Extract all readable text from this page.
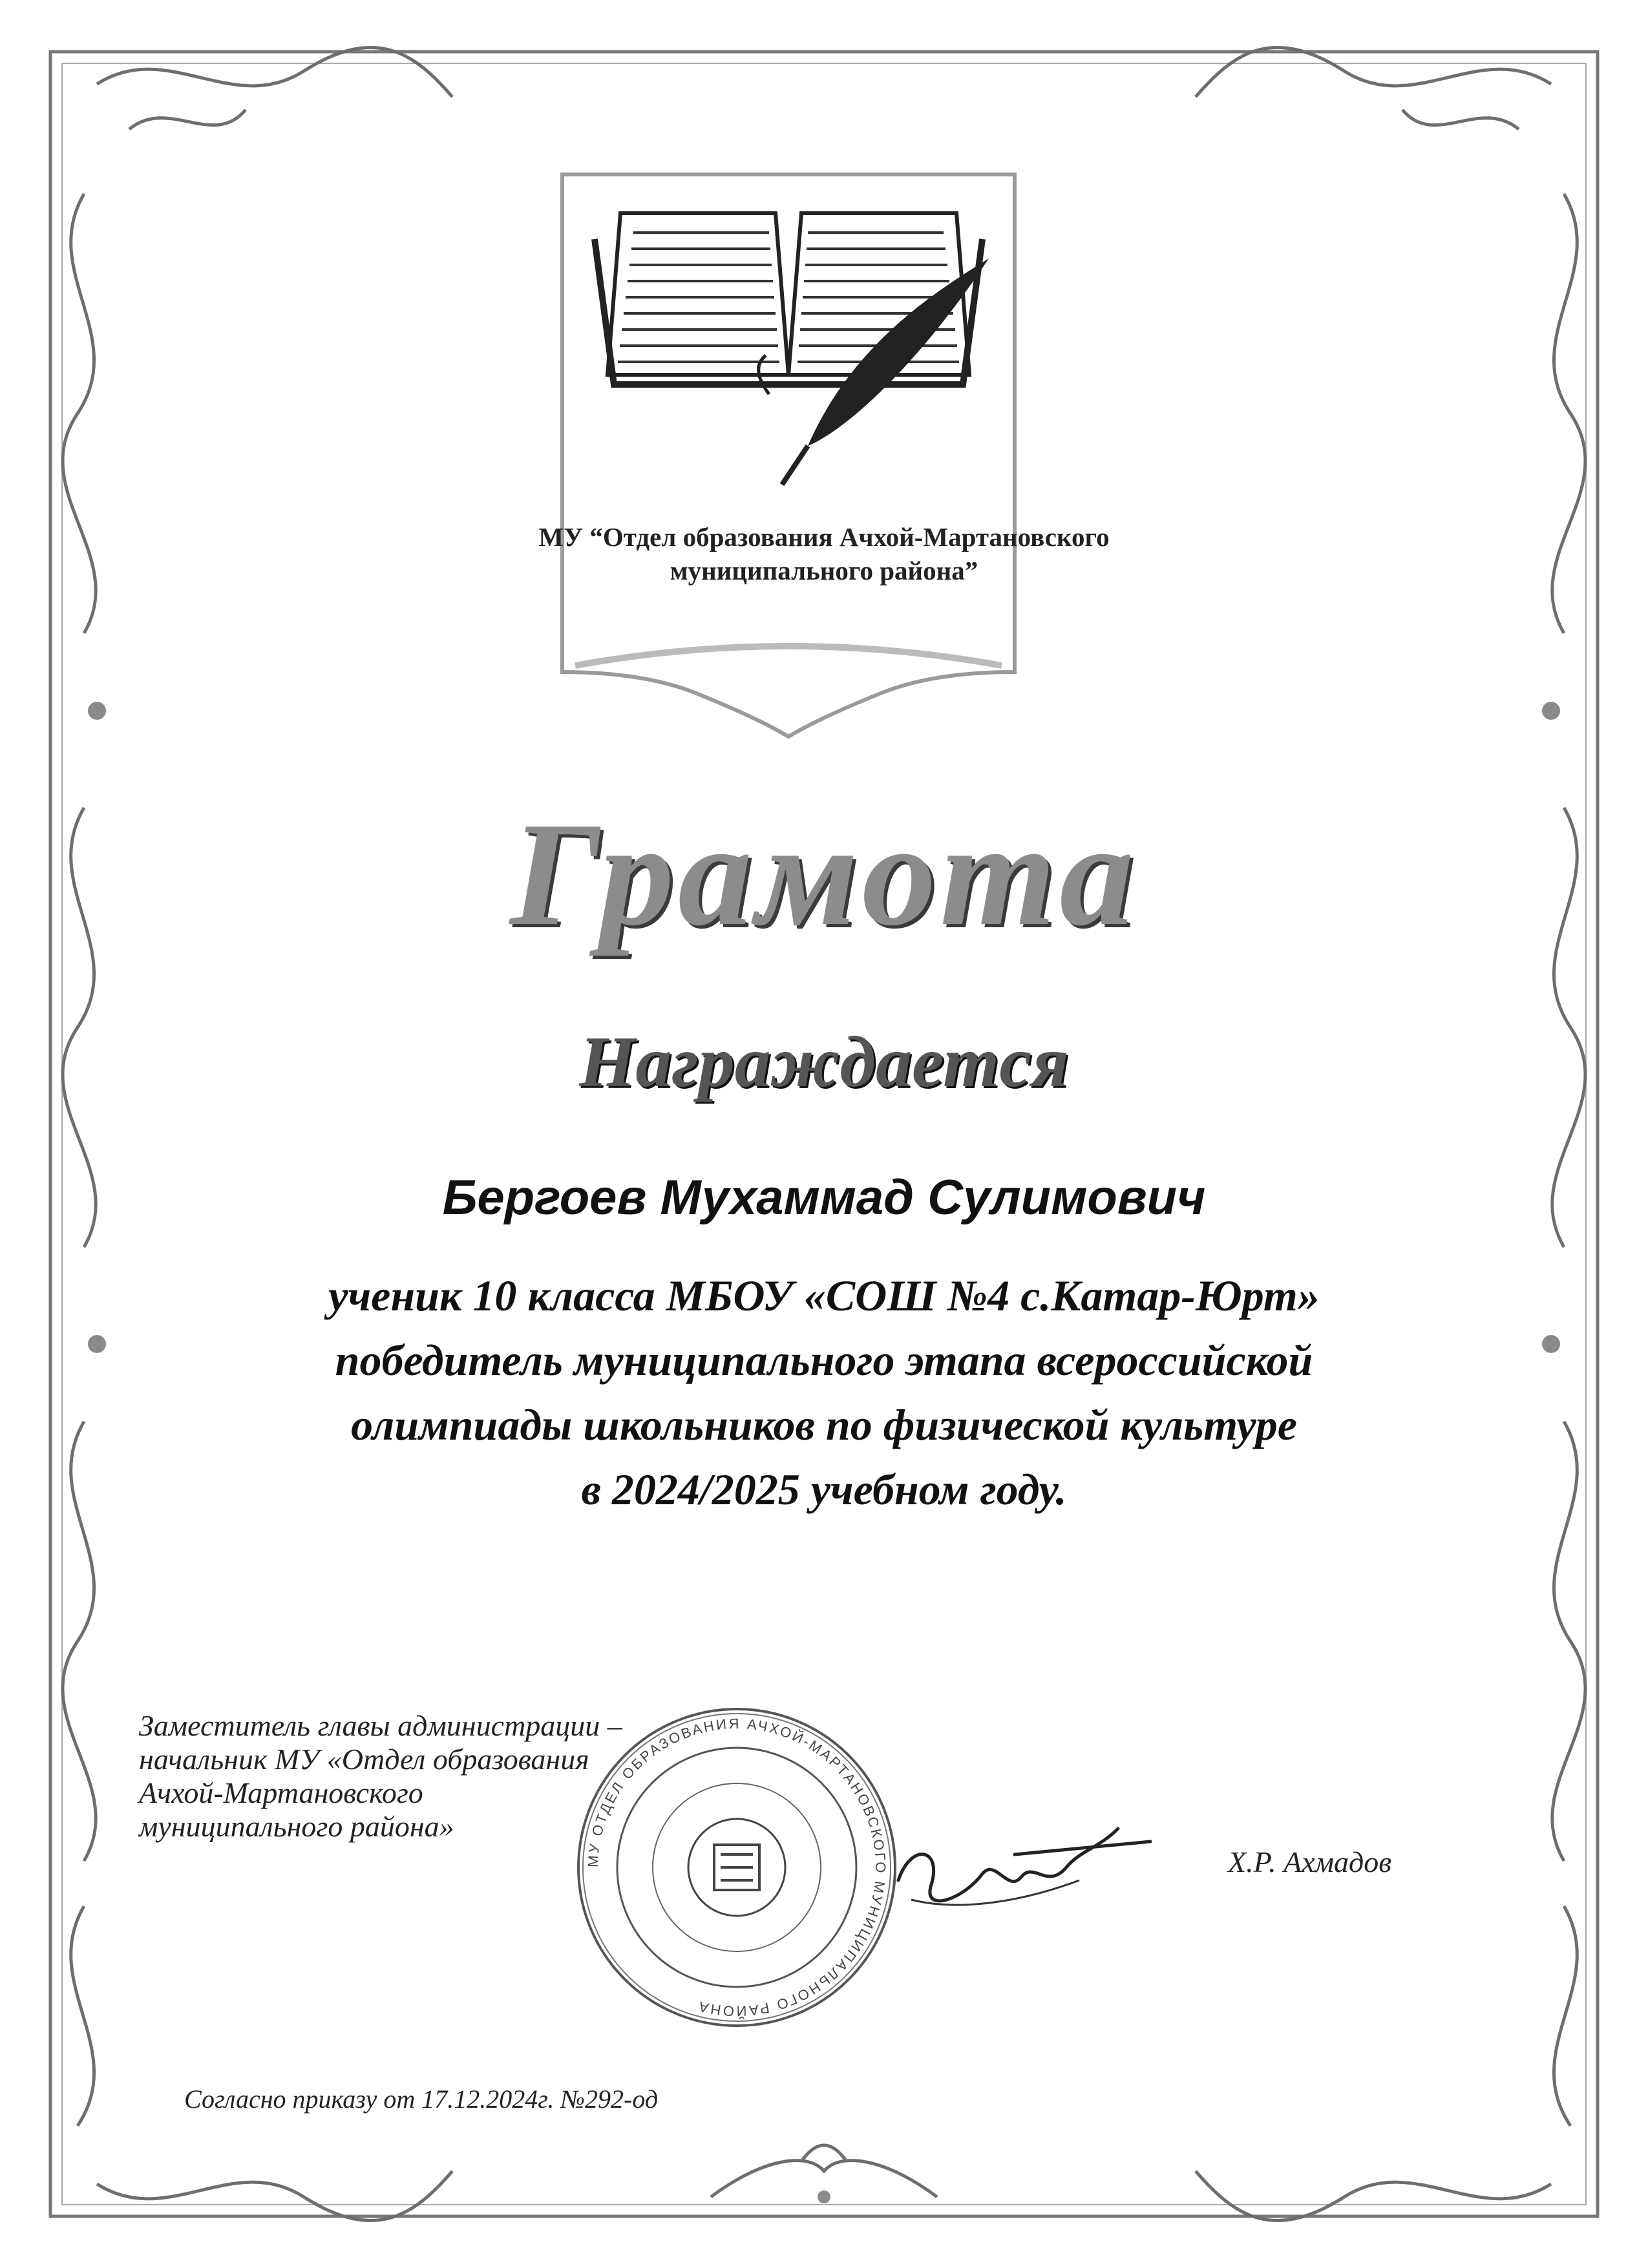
МУ “Отдел образования Ачхой-Мартановского
муниципального района”
Грамота
Награждается
Бергоев Мухаммад Сулимович
ученик 10 класса МБОУ «СОШ №4 с.Катар-Юрт»
победитель муниципального этапа всероссийской
олимпиады школьников по физической культуре
в 2024/2025 учебном году.
Заместитель главы администрации –
начальник МУ «Отдел образования
Ачхой-Мартановского
муниципального района»
МУ ОТДЕЛ ОБРАЗОВАНИЯ АЧХОЙ-МАРТАНОВСКОГО МУНИЦИПАЛЬНОГО РАЙОНА
Х.Р. Ахмадов
Согласно приказу от 17.12.2024г. №292-од
